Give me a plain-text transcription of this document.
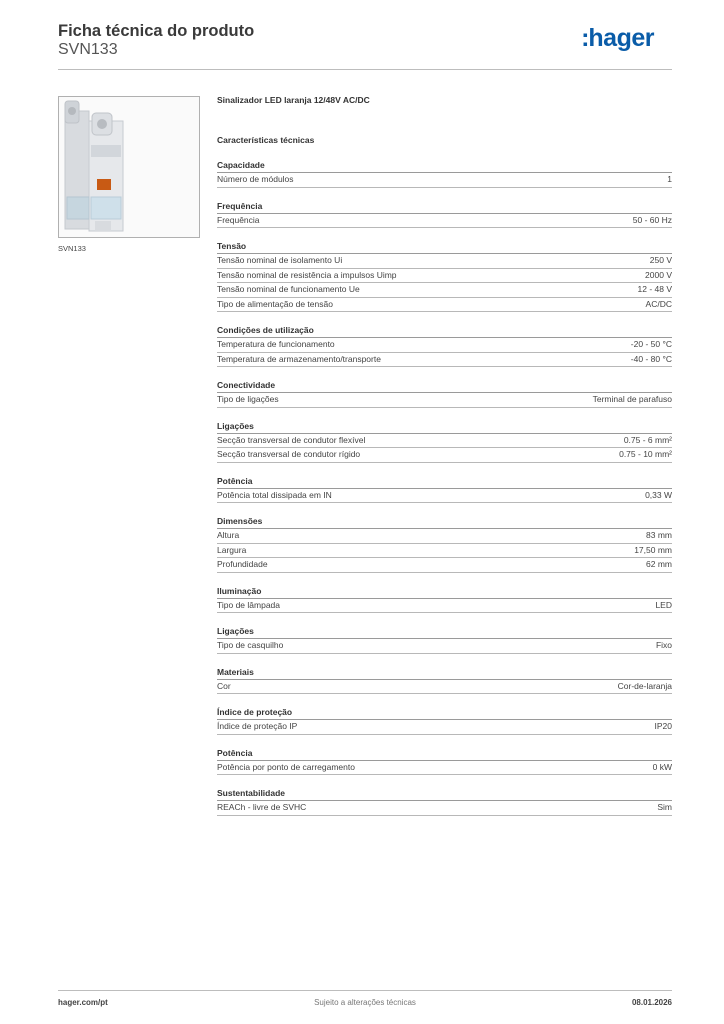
Ficha técnica do produto
SVN133	:hager
SVN133
Sinalizador LED laranja 12/48V AC/DC
Características técnicas
Capacidade
Número de módulos	1
Frequência
Frequência	50 - 60 Hz
Tensão
Tensão nominal de isolamento Ui	250 V
Tensão nominal de resistência a impulsos Uimp	2000 V
Tensão nominal de funcionamento Ue	12 - 48 V
Tipo de alimentação de tensão	AC/DC
Condições de utilização
Temperatura de funcionamento	-20 - 50 °C
Temperatura de armazenamento/transporte	-40 - 80 °C
Conectividade
Tipo de ligações	Terminal de parafuso
Ligações
Secção transversal de condutor flexível	0.75 - 6 mm²
Secção transversal de condutor rígido	0.75 - 10 mm²
Potência
Potência total dissipada em IN	0,33 W
Dimensões
Altura	83 mm
Largura	17,50 mm
Profundidade	62 mm
Iluminação
Tipo de lâmpada	LED
Ligações
Tipo de casquilho	Fixo
Materiais
Cor	Cor-de-laranja
Índice de proteção
Índice de proteção IP	IP20
Potência
Potência por ponto de carregamento	0 kW
Sustentabilidade
REACh - livre de SVHC	Sim
hager.com/pt	Sujeito a alterações técnicas	08.01.2026
